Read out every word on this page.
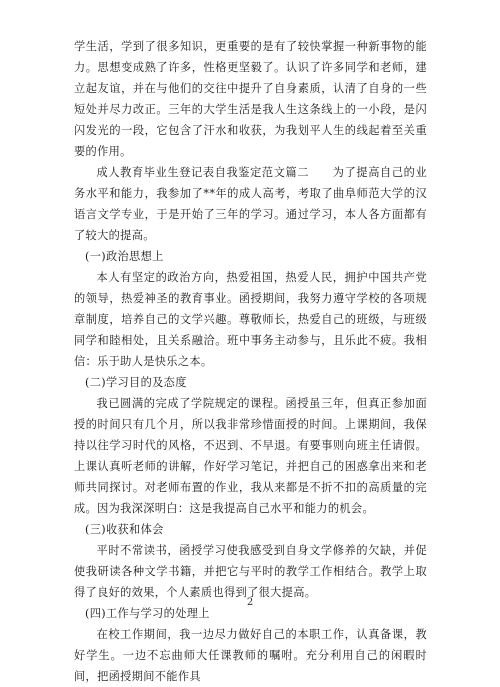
学生活，学到了很多知识，更重要的是有了较快掌握一种新事物的能力。思想变成熟了许多，性格更坚毅了。认识了许多同学和老师，建立起友谊，并在与他们的交往中提升了自身素质，认清了自身的一些短处并尽力改正。三年的大学生活是我人生这条线上的一小段，是闪闪发光的一段，它包含了汗水和收获，为我划平人生的线起着至关重要的作用。

成人教育毕业生登记表自我鉴定范文篇二　　为了提高自己的业务水平和能力，我参加了**年的成人高考，考取了曲阜师范大学的汉语言文学专业，于是开始了三年的学习。通过学习，本人各方面都有了较大的提高。

(一)政治思想上

本人有坚定的政治方向，热爱祖国，热爱人民，拥护中国共产党的领导，热爱神圣的教育事业。函授期间，我努力遵守学校的各项规章制度，培养自己的文学兴趣。尊敬师长，热爱自己的班级，与班级同学和睦相处，且关系融洽。班中事务主动参与，且乐此不疲。我相信：乐于助人是快乐之本。

(二)学习目的及态度

我已圆满的完成了学院规定的课程。函授虽三年，但真正参加面授的时间只有几个月，所以我非常珍惜面授的时间。上课期间，我保持以往学习时代的风格，不迟到、不早退。有要事则向班主任请假。上课认真听老师的讲解，作好学习笔记，并把自己的困惑拿出来和老师共同探讨。对老师布置的作业，我从来都是不折不扣的高质量的完成。因为我深深明白：这是我提高自己水平和能力的机会。

(三)收获和体会

平时不常读书，函授学习使我感受到自身文学修养的欠缺，并促使我研读各种文学书籍，并把它与平时的教学工作相结合。教学上取得了良好的效果，个人素质也得到了很大提高。

(四)工作与学习的处理上

在校工作期间，我一边尽力做好自己的本职工作，认真备课，教好学生。一边不忘曲师大任课教师的嘱咐。充分利用自己的闲暇时间，把函授期间不能作具

2
